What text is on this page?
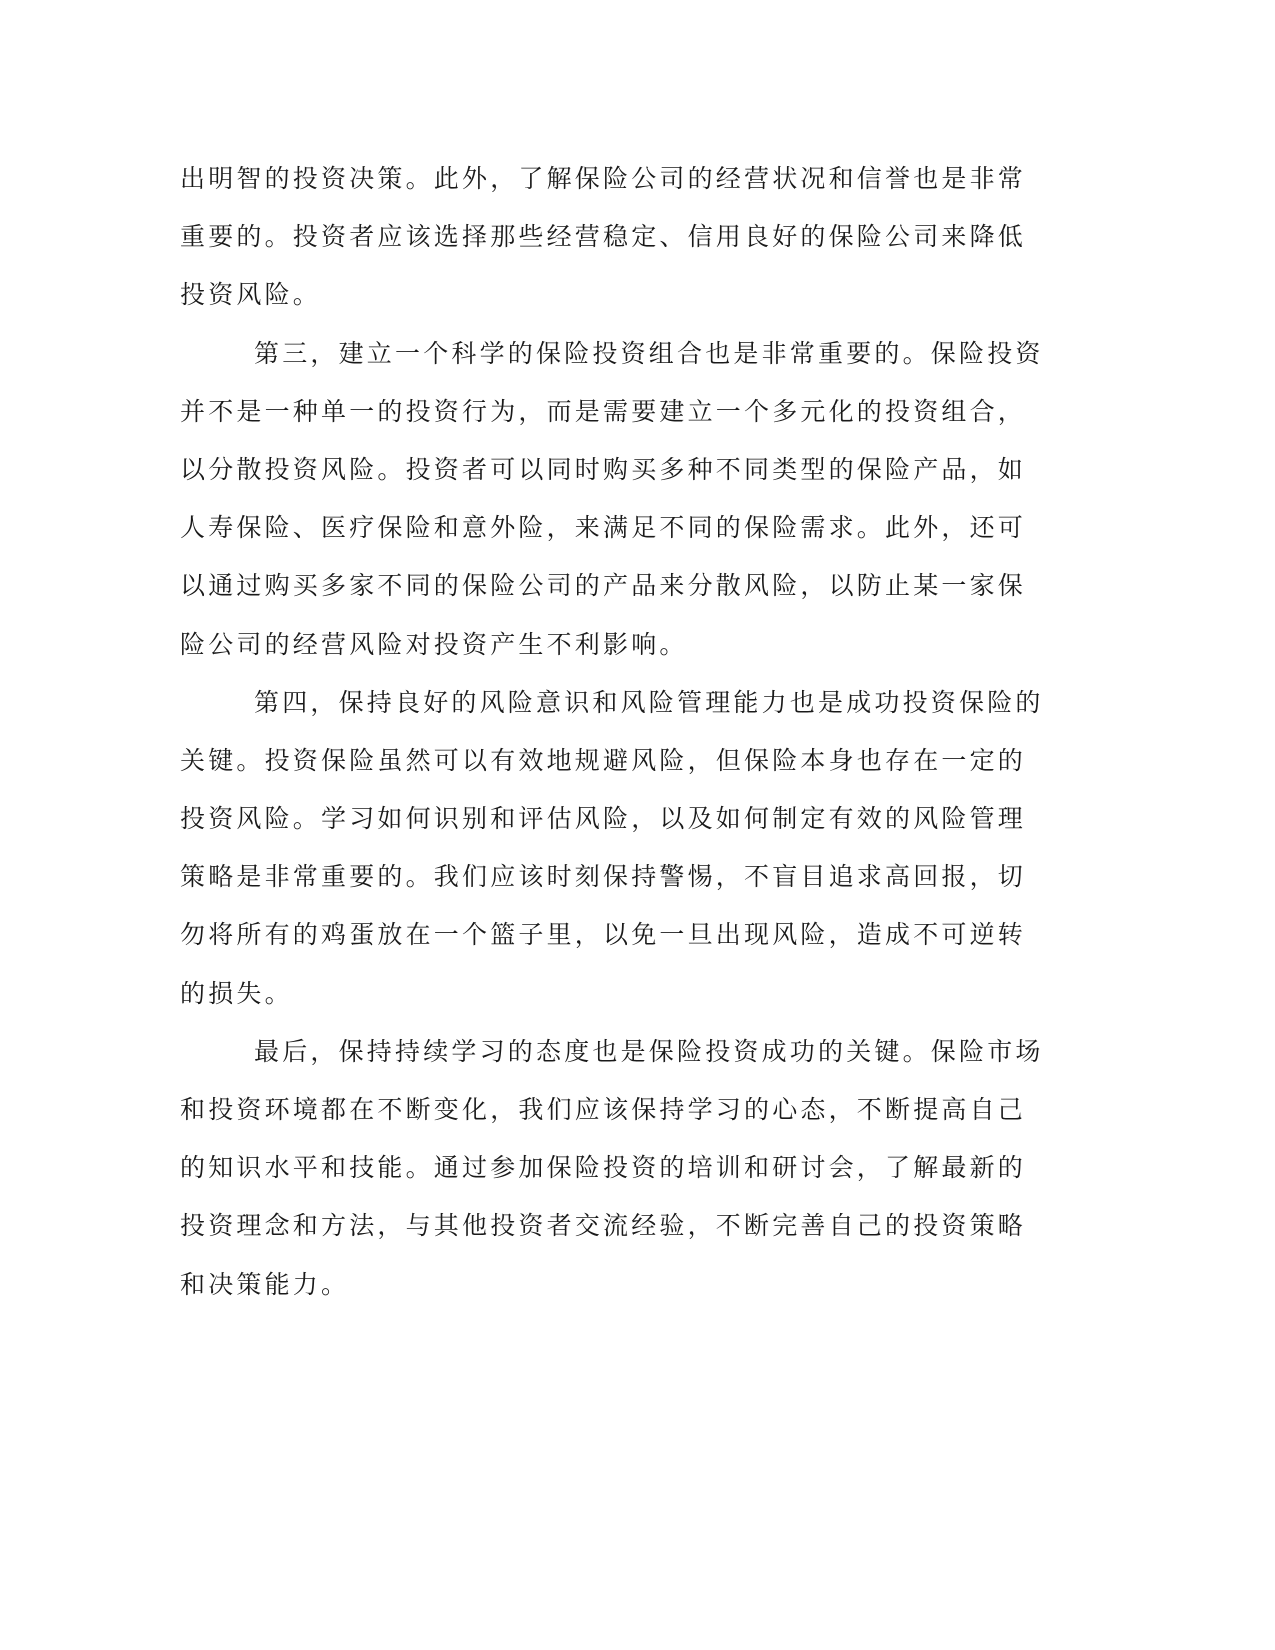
出明智的投资决策。此外，了解保险公司的经营状况和信誉也是非常
重要的。投资者应该选择那些经营稳定、信用良好的保险公司来降低
投资风险。
第三，建立一个科学的保险投资组合也是非常重要的。保险投资
并不是一种单一的投资行为，而是需要建立一个多元化的投资组合，
以分散投资风险。投资者可以同时购买多种不同类型的保险产品，如
人寿保险、医疗保险和意外险，来满足不同的保险需求。此外，还可
以通过购买多家不同的保险公司的产品来分散风险，以防止某一家保
险公司的经营风险对投资产生不利影响。
第四，保持良好的风险意识和风险管理能力也是成功投资保险的
关键。投资保险虽然可以有效地规避风险，但保险本身也存在一定的
投资风险。学习如何识别和评估风险，以及如何制定有效的风险管理
策略是非常重要的。我们应该时刻保持警惕，不盲目追求高回报，切
勿将所有的鸡蛋放在一个篮子里，以免一旦出现风险，造成不可逆转
的损失。
最后，保持持续学习的态度也是保险投资成功的关键。保险市场
和投资环境都在不断变化，我们应该保持学习的心态，不断提高自己
的知识水平和技能。通过参加保险投资的培训和研讨会，了解最新的
投资理念和方法，与其他投资者交流经验，不断完善自己的投资策略
和决策能力。
